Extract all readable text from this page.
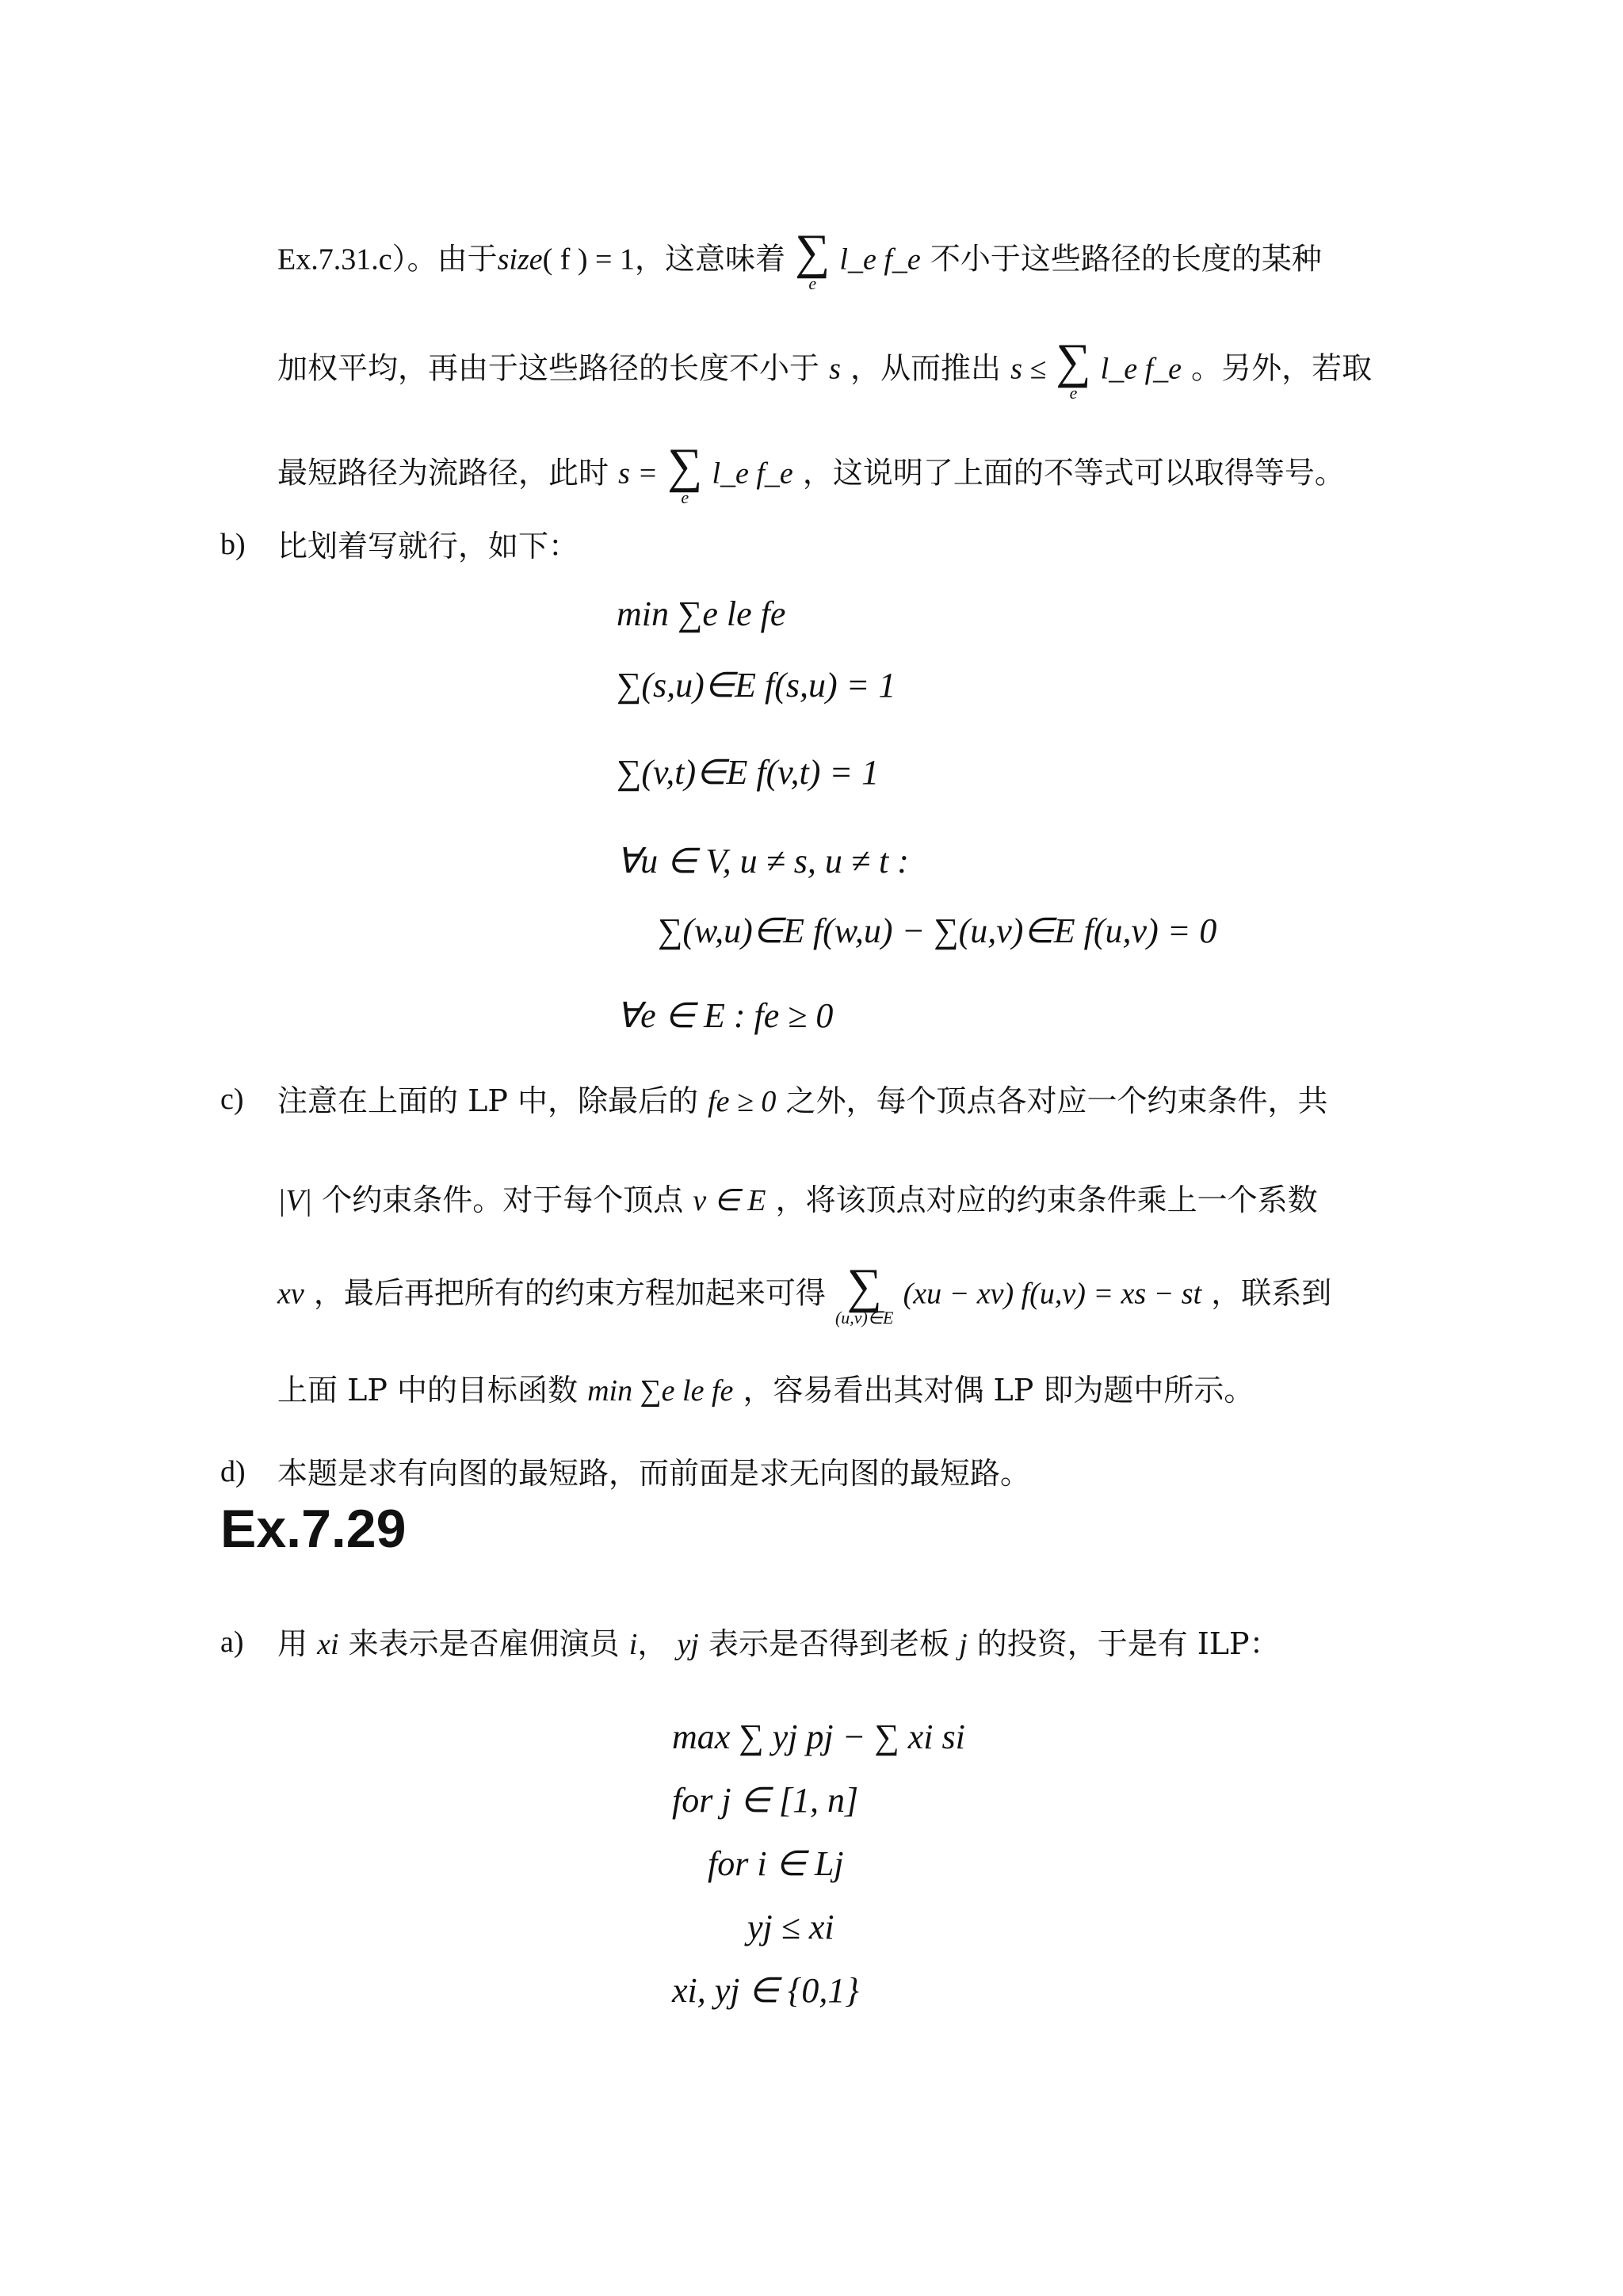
Ex.7.31.c）。由于size( f ) = 1，这意味着 ∑
e
l_e f_e 不小于这些路径的长度的某种
加权平均，再由于这些路径的长度不小于 s ，从而推出 s ≤ ∑
e
l_e f_e 。另外，若取
最短路径为流路径，此时 s = ∑
e
l_e f_e ，这说明了上面的不等式可以取得等号。
b) 比划着写就行，如下：
min ∑e le fe
∑(s,u)∈E f(s,u) = 1
∑(v,t)∈E f(v,t) = 1
∀u ∈ V, u ≠ s, u ≠ t :
∑(w,u)∈E f(w,u) − ∑(u,v)∈E f(u,v) = 0
∀e ∈ E : fe ≥ 0
c) 注意在上面的 LP 中，除最后的 fe ≥ 0 之外，每个顶点各对应一个约束条件，共
|V| 个约束条件。对于每个顶点 v ∈ E ，将该顶点对应的约束条件乘上一个系数
xv ，最后再把所有的约束方程加起来可得 ∑
(u,v)∈E
(xu − xv) f(u,v) = xs − st ，联系到
上面 LP 中的目标函数 min ∑e le fe ，容易看出其对偶 LP 即为题中所示。
d) 本题是求有向图的最短路，而前面是求无向图的最短路。
Ex.7.29
a) 用 xi 来表示是否雇佣演员 i， yj 表示是否得到老板 j 的投资，于是有 ILP：
max ∑ yj pj − ∑ xi si
for j ∈ [1, n]
for i ∈ Lj
yj ≤ xi
xi, yj ∈ {0,1}
